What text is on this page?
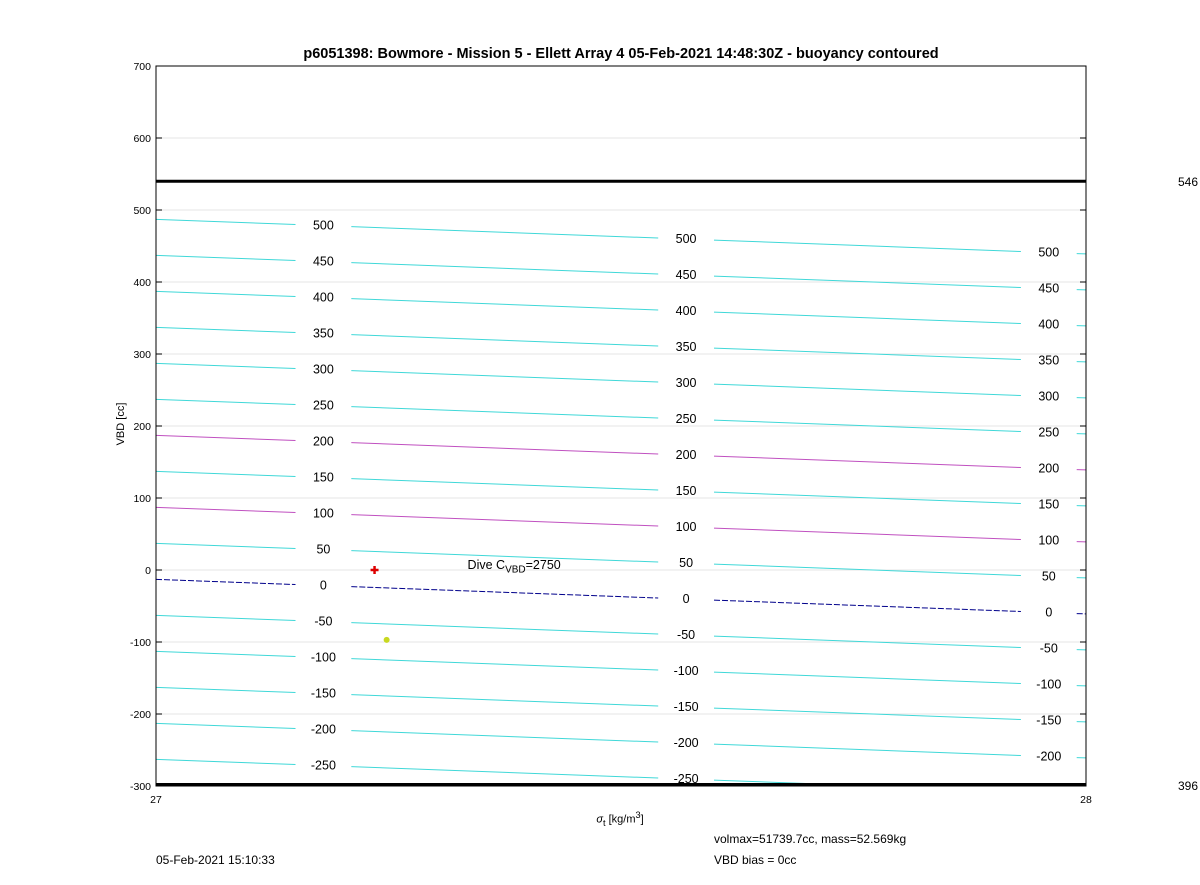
500
500
500
450
450
450
400
400
400
350
350
350
300
300
300
250
250
250
200
200
200
150
150
150
100
100
100
50
50
50
0
0
0
-50
-50
-50
-100
-100
-100
-150
-150
-150
-200
-200
-200
-250
-250
-300
-200
-100
0
100
200
300
400
500
600
700
27	28
p6051398: Bowmore - Mission 5 - Ellett Array 4 05-Feb-2021 14:48:30Z - buoyancy contoured
VBD [cc]
$\sigma_t$ $[kg/m^3]$
546
396
Dive $C_{VBD}=2750$
05-Feb-2021 15:10:33
volmax=51739.7cc, mass=52.569kg
VBD bias = 0cc
